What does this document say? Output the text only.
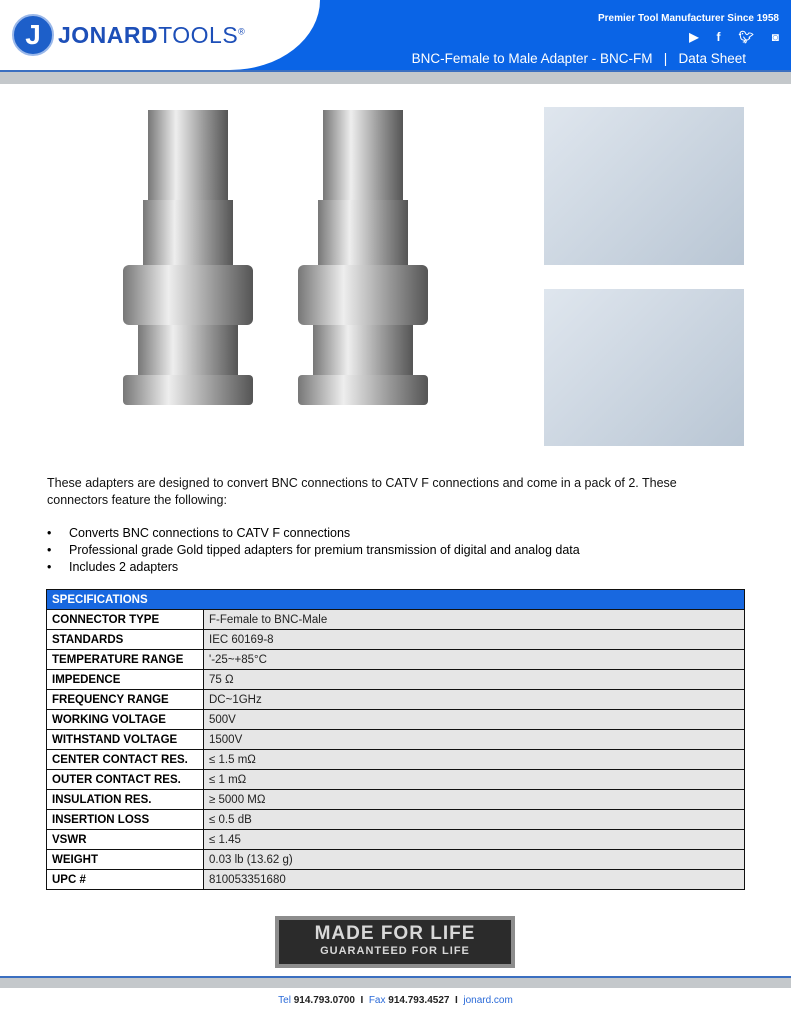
J JONARDTOOLS®
Premier Tool Manufacturer Since 1958
▶ f 🐦︎ ◙
BNC-Female to Male Adapter - BNC-FM   |   Data Sheet
These adapters are designed to convert BNC connections to CATV F connections and come in a pack of 2. These connectors feature the following:
• Converts BNC connections to CATV F connections
• Professional grade Gold tipped adapters for premium transmission of digital and analog data
• Includes 2 adapters
SPECIFICATIONS	
CONNECTOR TYPE	F-Female to BNC-Male
STANDARDS	IEC 60169-8
TEMPERATURE RANGE	'-25~+85°C
IMPEDENCE	75 Ω
FREQUENCY RANGE	DC~1GHz
WORKING VOLTAGE	500V
WITHSTAND VOLTAGE	1500V
CENTER CONTACT RES.	≤ 1.5 mΩ
OUTER CONTACT RES.	≤ 1 mΩ
INSULATION RES.	≥ 5000 MΩ
INSERTION LOSS	≤ 0.5 dB
VSWR	≤ 1.45
WEIGHT	0.03 lb (13.62 g)
UPC #	810053351680
MADE FOR LIFE
GUARANTEED FOR LIFE
Tel 914.793.0700 I Fax 914.793.4527 I jonard.com
